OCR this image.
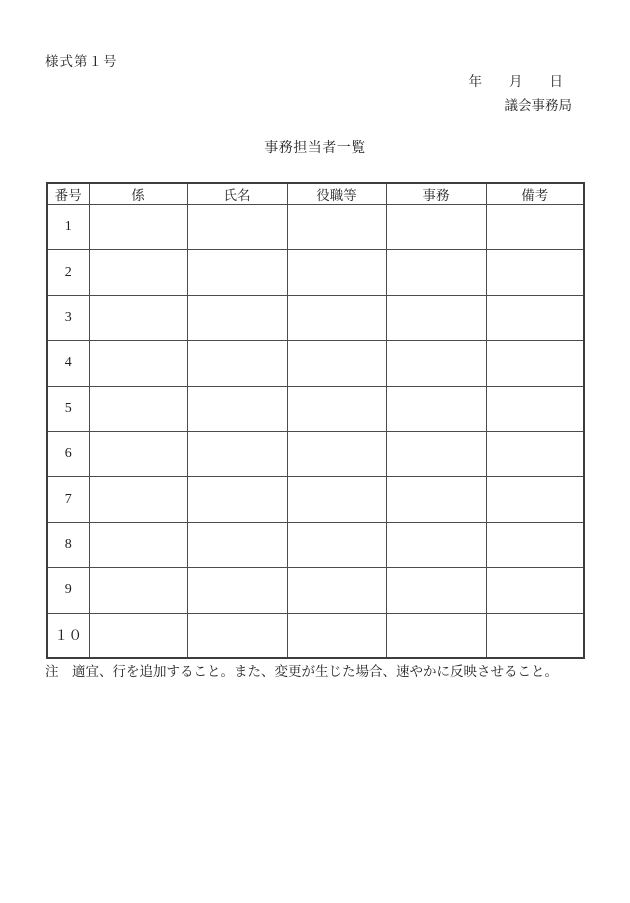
様式第１号
年　　月　　日
議会事務局
事務担当者一覧
番号	係	氏名	役職等	事務	備考
1					
2					
3					
4					
5					
6					
7					
8					
9					
１０					
注　適宜、行を追加すること。また、変更が生じた場合、速やかに反映させること。
